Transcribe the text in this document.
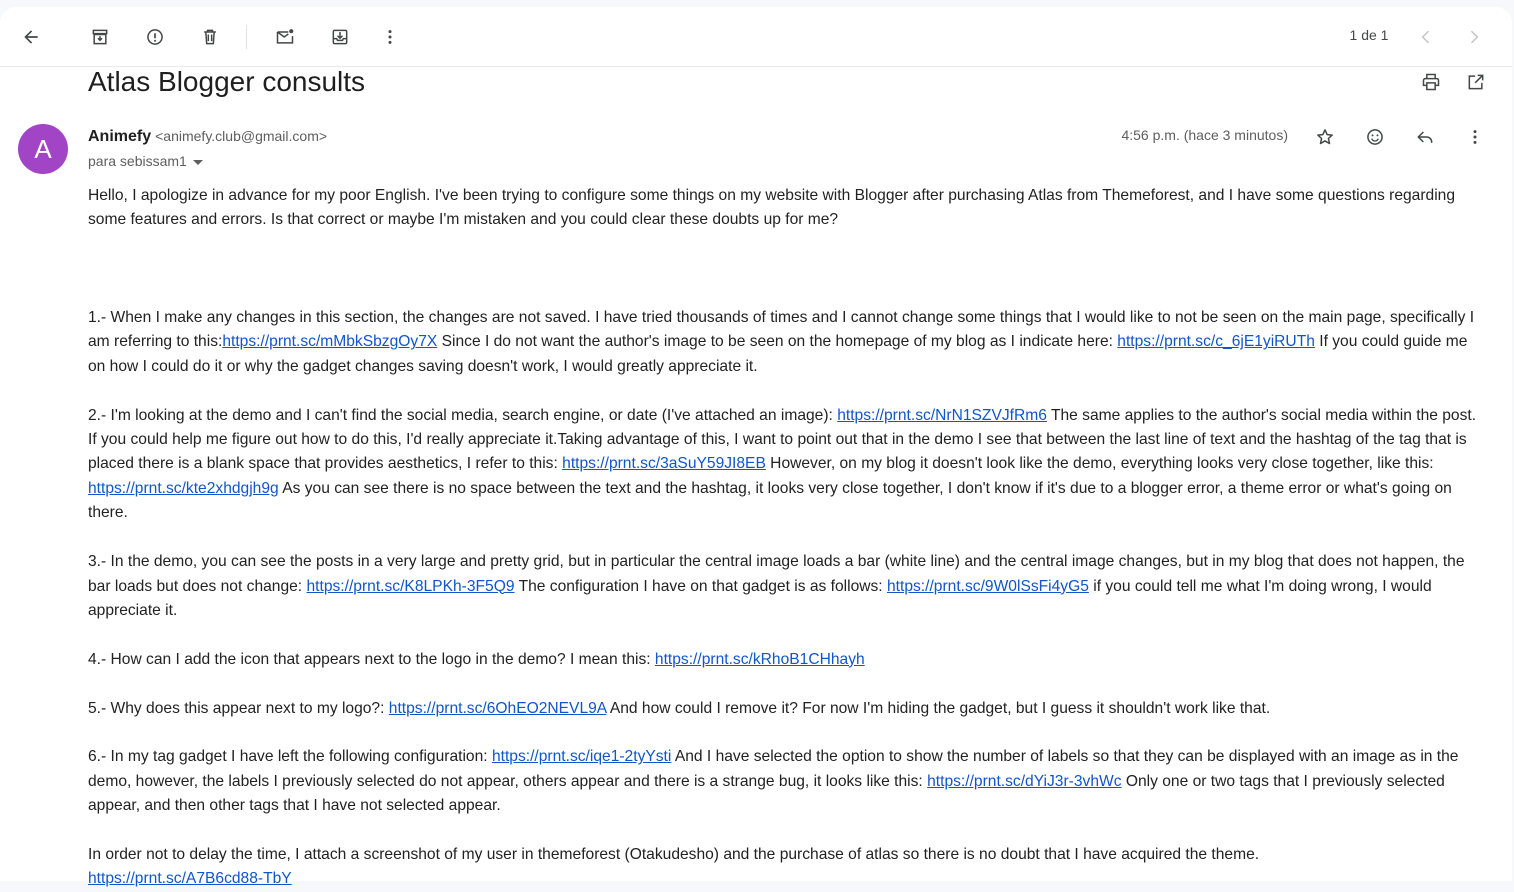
1 de 1
Atlas Blogger consults
A	Animefy <animefy.club@gmail.com>
para sebissam1
4:56 p.m. (hace 3 minutos)

Hello, I apologize in advance for my poor English. I've been trying to configure some things on my website with Blogger after purchasing Atlas from Themeforest, and I have some questions regarding some features and errors. Is that correct or maybe I'm mistaken and you could clear these doubts up for me?

1.- When I make any changes in this section, the changes are not saved. I have tried thousands of times and I cannot change some things that I would like to not be seen on the main page, specifically I am referring to this:https://prnt.sc/mMbkSbzgOy7X Since I do not want the author's image to be seen on the homepage of my blog as I indicate here: https://prnt.sc/c_6jE1yiRUTh If you could guide me on how I could do it or why the gadget changes saving doesn't work, I would greatly appreciate it.

2.- I'm looking at the demo and I can't find the social media, search engine, or date (I've attached an image): https://prnt.sc/NrN1SZVJfRm6 The same applies to the author's social media within the post. If you could help me figure out how to do this, I'd really appreciate it.Taking advantage of this, I want to point out that in the demo I see that between the last line of text and the hashtag of the tag that is placed there is a blank space that provides aesthetics, I refer to this: https://prnt.sc/3aSuY59JI8EB However, on my blog it doesn't look like the demo, everything looks very close together, like this: https://prnt.sc/kte2xhdgjh9g As you can see there is no space between the text and the hashtag, it looks very close together, I don't know if it's due to a blogger error, a theme error or what's going on there.

3.- In the demo, you can see the posts in a very large and pretty grid, but in particular the central image loads a bar (white line) and the central image changes, but in my blog that does not happen, the bar loads but does not change: https://prnt.sc/K8LPKh-3F5Q9 The configuration I have on that gadget is as follows: https://prnt.sc/9W0lSsFi4yG5 if you could tell me what I'm doing wrong, I would appreciate it.

4.- How can I add the icon that appears next to the logo in the demo? I mean this: https://prnt.sc/kRhoB1CHhayh

5.- Why does this appear next to my logo?: https://prnt.sc/6OhEO2NEVL9A And how could I remove it? For now I'm hiding the gadget, but I guess it shouldn't work like that.

6.- In my tag gadget I have left the following configuration: https://prnt.sc/iqe1-2tyYsti And I have selected the option to show the number of labels so that they can be displayed with an image as in the demo, however, the labels I previously selected do not appear, others appear and there is a strange bug, it looks like this: https://prnt.sc/dYiJ3r-3vhWc Only one or two tags that I previously selected appear, and then other tags that I have not selected appear.

In order not to delay the time, I attach a screenshot of my user in themeforest (Otakudesho) and the purchase of atlas so there is no doubt that I have acquired the theme.
https://prnt.sc/A7B6cd88-TbY
